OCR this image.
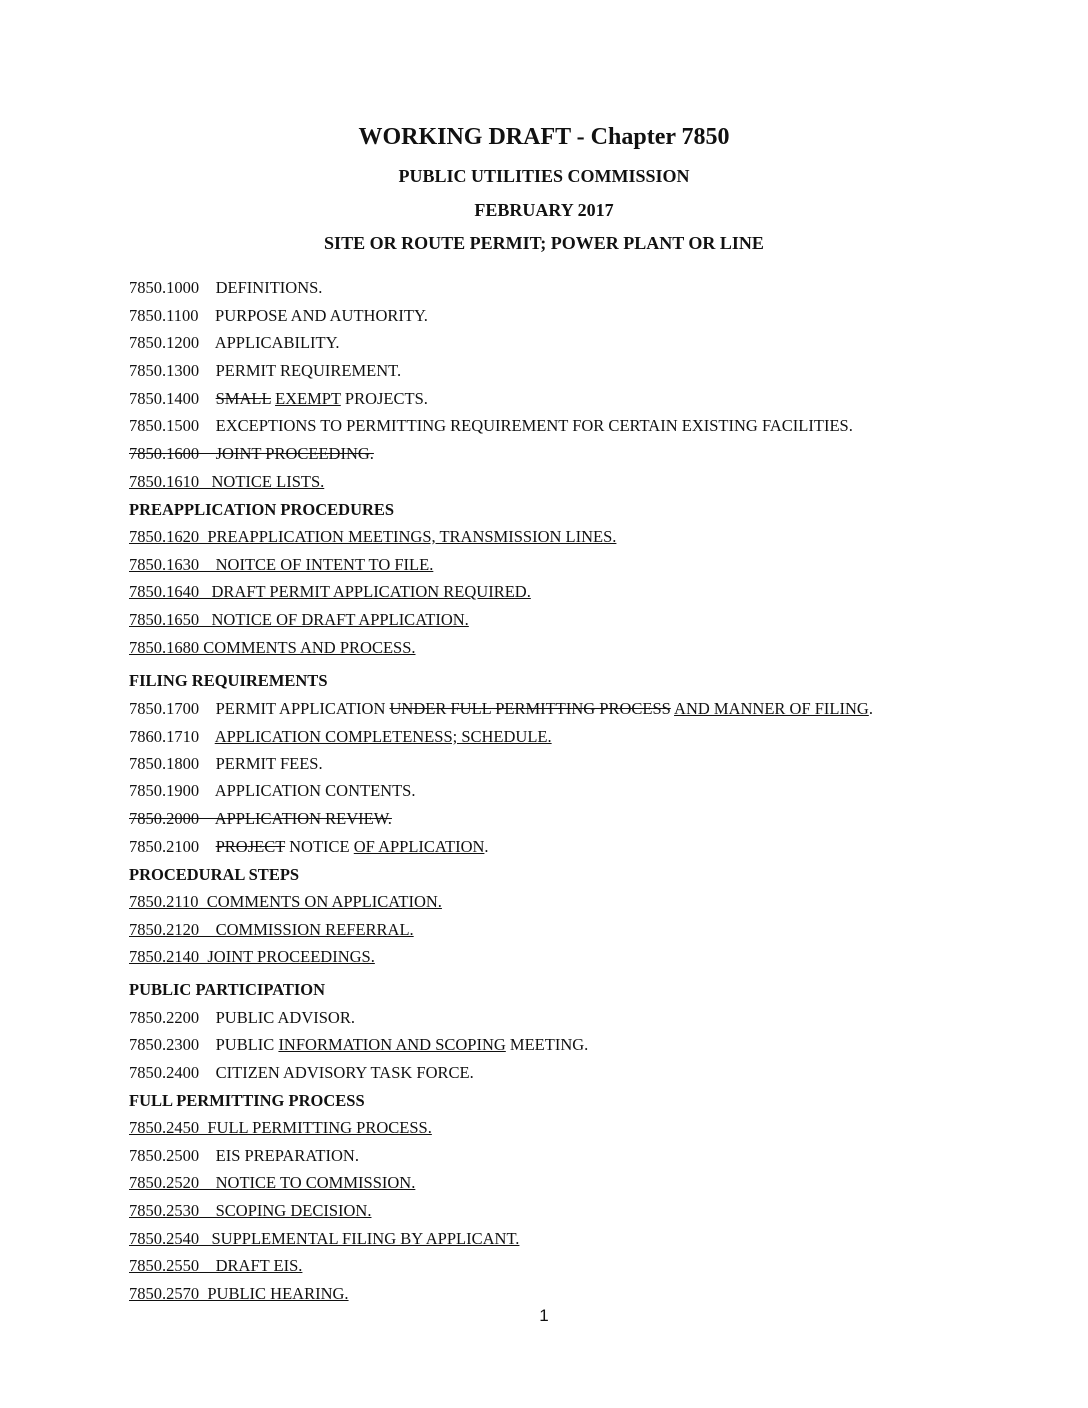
WORKING DRAFT - Chapter 7850
PUBLIC UTILITIES COMMISSION
FEBRUARY 2017
SITE OR ROUTE PERMIT; POWER PLANT OR LINE
7850.1000    DEFINITIONS.
7850.1100    PURPOSE AND AUTHORITY.
7850.1200    APPLICABILITY.
7850.1300    PERMIT REQUIREMENT.
7850.1400 SMALL EXEMPT PROJECTS.
7850.1500    EXCEPTIONS TO PERMITTING REQUIREMENT FOR CERTAIN EXISTING FACILITIES.
7850.1600    JOINT PROCEEDING.
7850.1610   NOTICE LISTS.
PREAPPLICATION PROCEDURES
7850.1620  PREAPPLICATION MEETINGS, TRANSMISSION LINES.
7850.1630    NOITCE OF INTENT TO FILE.
7850.1640   DRAFT PERMIT APPLICATION REQUIRED.
7850.1650   NOTICE OF DRAFT APPLICATION.
7850.1680 COMMENTS AND PROCESS.
FILING REQUIREMENTS
7850.1700    PERMIT APPLICATION UNDER FULL PERMITTING PROCESS AND MANNER OF FILING.
7860.1710 APPLICATION COMPLETENESS; SCHEDULE.
7850.1800    PERMIT FEES.
7850.1900    APPLICATION CONTENTS.
7850.2000    APPLICATION REVIEW.
7850.2100 PROJECT NOTICE OF APPLICATION.
PROCEDURAL STEPS
7850.2110  COMMENTS ON APPLICATION.
7850.2120    COMMISSION REFERRAL.
7850.2140  JOINT PROCEEDINGS.
PUBLIC PARTICIPATION
7850.2200    PUBLIC ADVISOR.
7850.2300    PUBLIC INFORMATION AND SCOPING MEETING.
7850.2400    CITIZEN ADVISORY TASK FORCE.
FULL PERMITTING PROCESS
7850.2450  FULL PERMITTING PROCESS.
7850.2500    EIS PREPARATION.
7850.2520    NOTICE TO COMMISSION.
7850.2530    SCOPING DECISION.
7850.2540   SUPPLEMENTAL FILING BY APPLICANT.
7850.2550    DRAFT EIS.
7850.2570  PUBLIC HEARING.
1
